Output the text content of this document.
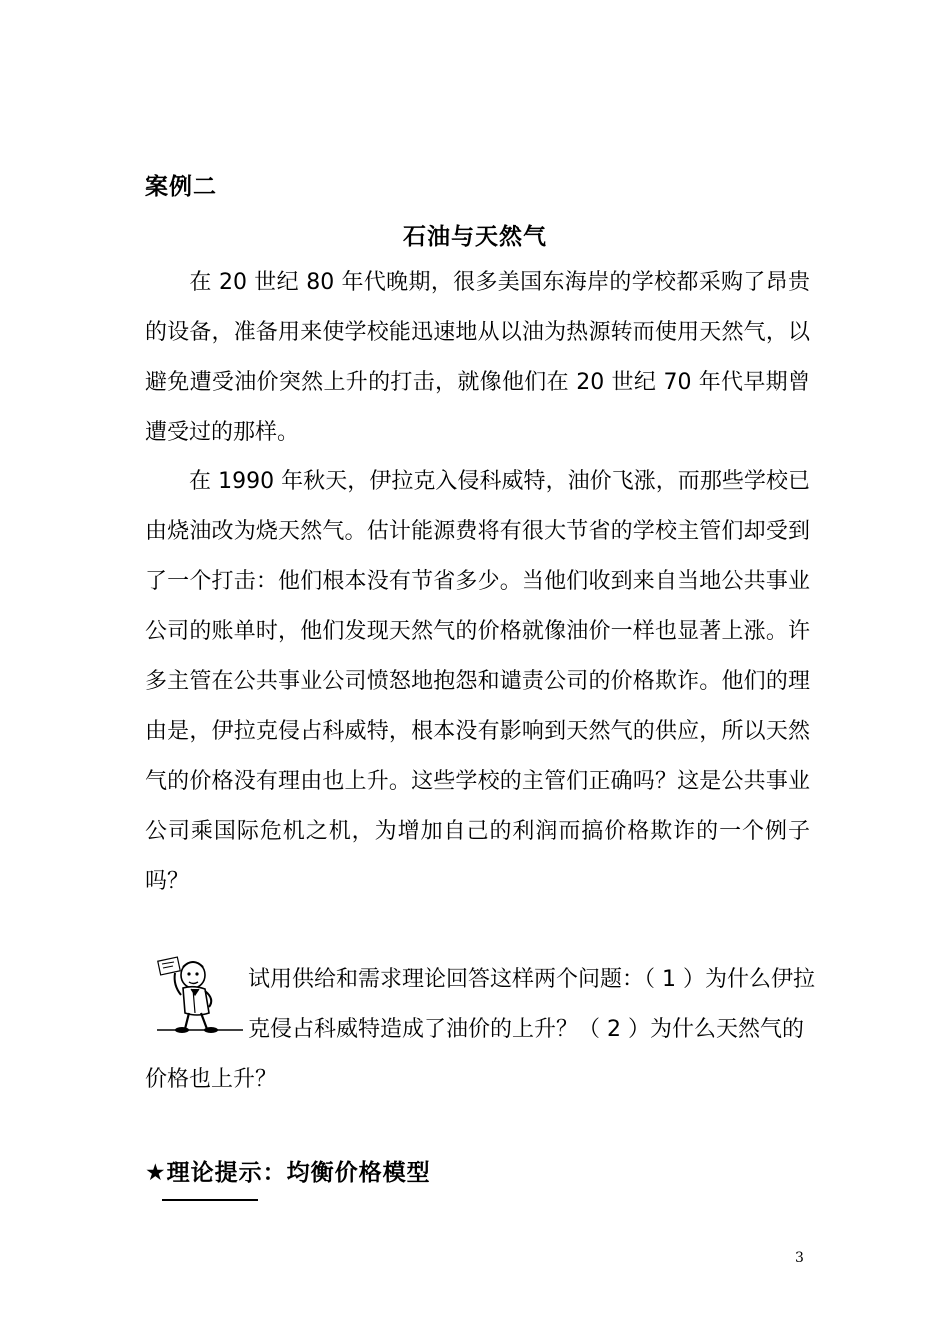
案例二
石油与天然气
在 20 世纪 80 年代晚期，很多美国东海岸的学校都采购了昂贵的设备，准备用来使学校能迅速地从以油为热源转而使用天然气，以避免遭受油价突然上升的打击，就像他们在 20 世纪 70 年代早期曾遭受过的那样。
在 1990 年秋天，伊拉克入侵科威特，油价飞涨，而那些学校已由烧油改为烧天然气。估计能源费将有很大节省的学校主管们却受到了一个打击：他们根本没有节省多少。当他们收到来自当地公共事业公司的账单时，他们发现天然气的价格就像油价一样也显著上涨。许多主管在公共事业公司愤怒地抱怨和谴责公司的价格欺诈。他们的理由是，伊拉克侵占科威特，根本没有影响到天然气的供应，所以天然气的价格没有理由也上升。这些学校的主管们正确吗？这是公共事业公司乘国际危机之机，为增加自己的利润而搞价格欺诈的一个例子吗？
试用供给和需求理论回答这样两个问题：（ 1 ）为什么伊拉
克侵占科威特造成了油价的上升？（ 2 ）为什么天然气的
价格也上升？
★理论提示：均衡价格模型
3
